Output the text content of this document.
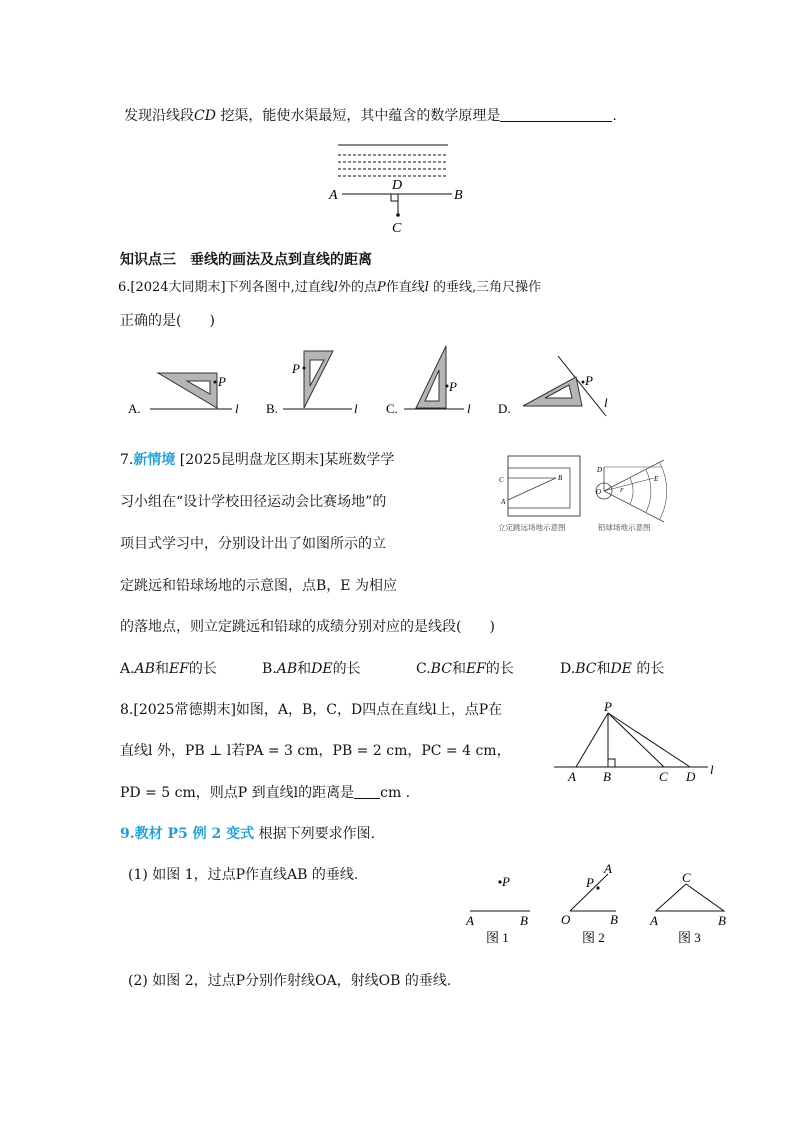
发现沿线段CD 挖渠，能使水渠最短，其中蕴含的数学原理是	.
A	B
D
C
知识点三　垂线的画法及点到直线的距离
6.[2024大同期末]下列各图中,过直线l外的点P作直线l 的垂线,三角尺操作
正确的是(　　)
A.
P
l B.
P
l C.
P
l D.
P
l
7.新情境 [2025昆明盘龙区期末]某班数学学
习小组在“设计学校田径运动会比赛场地”的
项目式学习中，分别设计出了如图所示的立
定跳远和铅球场地的示意图，点B，E 为相应
的落地点，则立定跳远和铅球的成绩分别对应的是线段(　　)
C	B
A
立定跳远场地示意图
D
O	F
E
铅球场地示意图
A.AB和EF的长	B.AB和DE的长	C.BC和EF的长	D.BC和DE 的长
8.[2025常德期末]如图，A，B，C，D四点在直线l上，点P在
直线l 外，PB ⊥ l若PA = 3 cm，PB = 2 cm，PC = 4 cm，
PD = 5 cm，则点P 到直线l的距离是 cm .
P
A B	C D l
9.教材 P5 例 2 变式 根据下列要求作图.
(1) 如图 1，过点P作直线AB 的垂线.
(2) 如图 2，过点P分别作射线OA，射线OB 的垂线.
P
A	B
图 1
P
A
O	B
图 2
C
A	B
图 3
